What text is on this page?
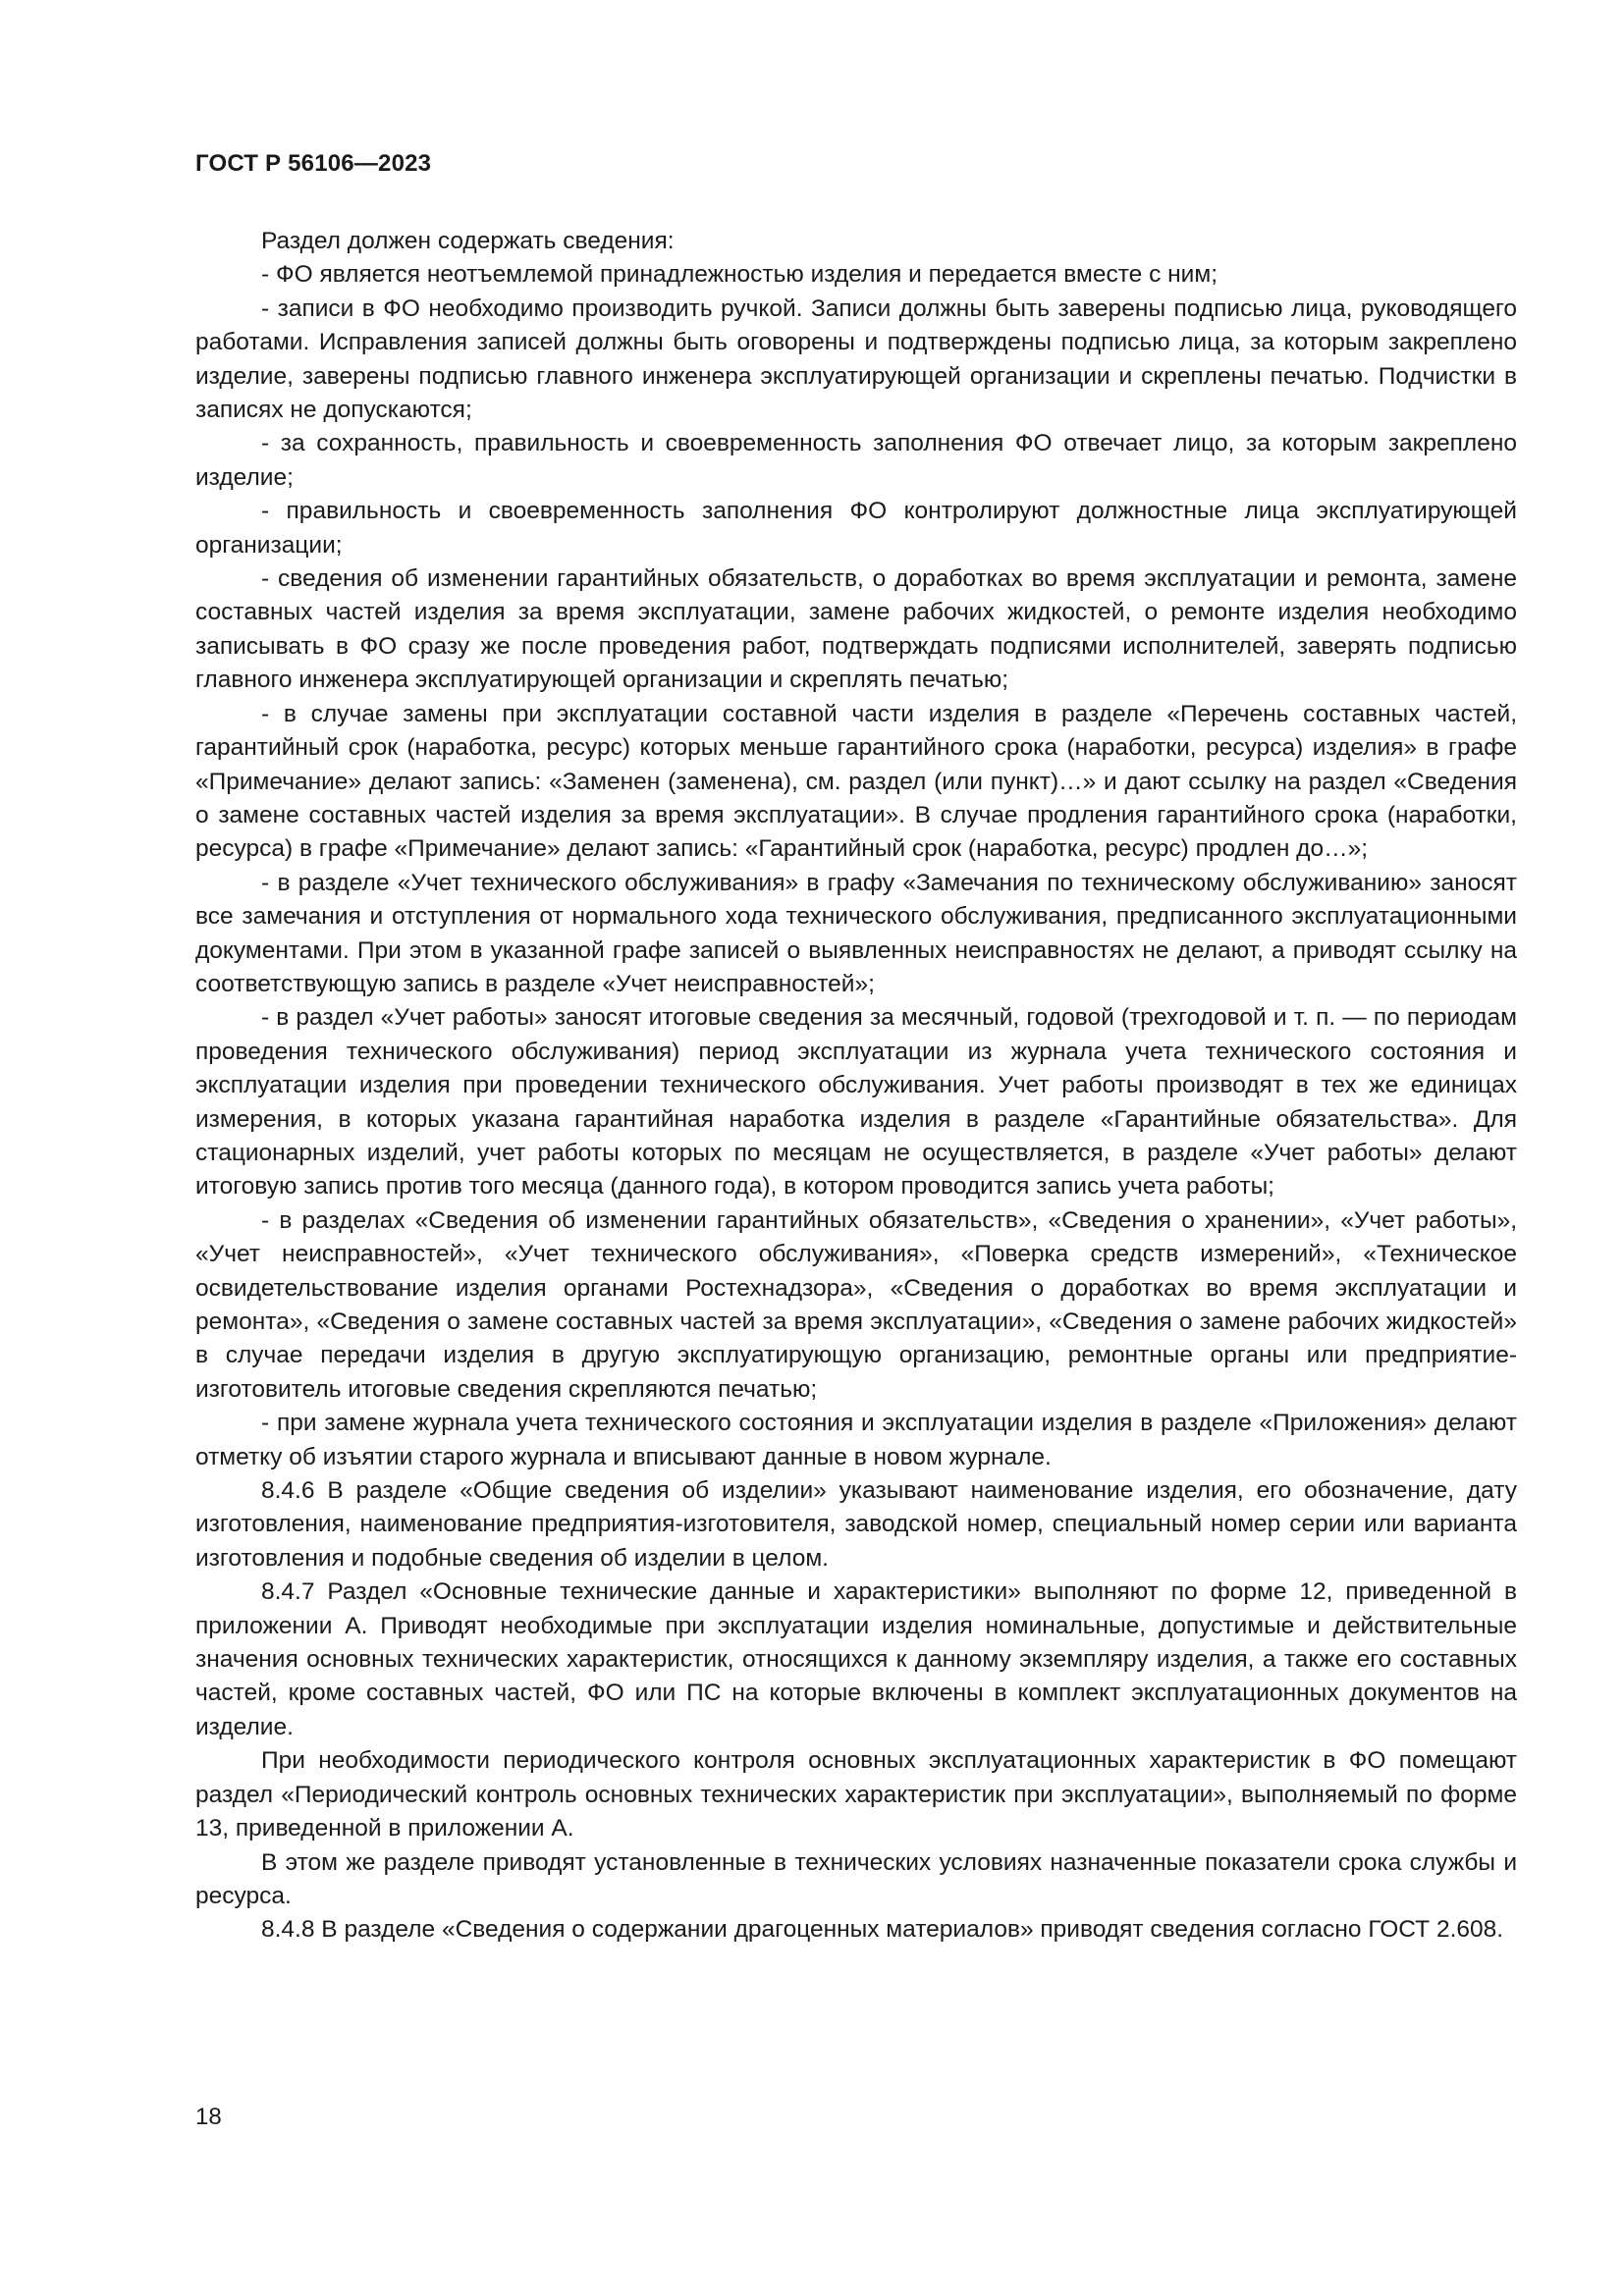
ГОСТ Р 56106—2023

Раздел должен содержать сведения:

- ФО является неотъемлемой принадлежностью изделия и передается вместе с ним;

- записи в ФО необходимо производить ручкой. Записи должны быть заверены подписью лица, руководящего работами. Исправления записей должны быть оговорены и подтверждены подписью лица, за которым закреплено изделие, заверены подписью главного инженера эксплуатирующей организации и скреплены печатью. Подчистки в записях не допускаются;

- за сохранность, правильность и своевременность заполнения ФО отвечает лицо, за которым закреплено изделие;

- правильность и своевременность заполнения ФО контролируют должностные лица эксплуатирующей организации;

- сведения об изменении гарантийных обязательств, о доработках во время эксплуатации и ремонта, замене составных частей изделия за время эксплуатации, замене рабочих жидкостей, о ремонте изделия необходимо записывать в ФО сразу же после проведения работ, подтверждать подписями исполнителей, заверять подписью главного инженера эксплуатирующей организации и скреплять печатью;

- в случае замены при эксплуатации составной части изделия в разделе «Перечень составных частей, гарантийный срок (наработка, ресурс) которых меньше гарантийного срока (наработки, ресурса) изделия» в графе «Примечание» делают запись: «Заменен (заменена), см. раздел (или пункт)…» и дают ссылку на раздел «Сведения о замене составных частей изделия за время эксплуатации». В случае продления гарантийного срока (наработки, ресурса) в графе «Примечание» делают запись: «Гарантийный срок (наработка, ресурс) продлен до…»;

- в разделе «Учет технического обслуживания» в графу «Замечания по техническому обслуживанию» заносят все замечания и отступления от нормального хода технического обслуживания, предписанного эксплуатационными документами. При этом в указанной графе записей о выявленных неисправностях не делают, а приводят ссылку на соответствующую запись в разделе «Учет неисправностей»;

- в раздел «Учет работы» заносят итоговые сведения за месячный, годовой (трехгодовой и т. п. — по периодам проведения технического обслуживания) период эксплуатации из журнала учета технического состояния и эксплуатации изделия при проведении технического обслуживания. Учет работы производят в тех же единицах измерения, в которых указана гарантийная наработка изделия в разделе «Гарантийные обязательства». Для стационарных изделий, учет работы которых по месяцам не осуществляется, в разделе «Учет работы» делают итоговую запись против того месяца (данного года), в котором проводится запись учета работы;

- в разделах «Сведения об изменении гарантийных обязательств», «Сведения о хранении», «Учет работы», «Учет неисправностей», «Учет технического обслуживания», «Поверка средств измерений», «Техническое освидетельствование изделия органами Ростехнадзора», «Сведения о доработках во время эксплуатации и ремонта», «Сведения о замене составных частей за время эксплуатации», «Сведения о замене рабочих жидкостей» в случае передачи изделия в другую эксплуатирующую организацию, ремонтные органы или предприятие-изготовитель итоговые сведения скрепляются печатью;

- при замене журнала учета технического состояния и эксплуатации изделия в разделе «Приложения» делают отметку об изъятии старого журнала и вписывают данные в новом журнале.

8.4.6 В разделе «Общие сведения об изделии» указывают наименование изделия, его обозначение, дату изготовления, наименование предприятия-изготовителя, заводской номер, специальный номер серии или варианта изготовления и подобные сведения об изделии в целом.

8.4.7 Раздел «Основные технические данные и характеристики» выполняют по форме 12, приведенной в приложении А. Приводят необходимые при эксплуатации изделия номинальные, допустимые и действительные значения основных технических характеристик, относящихся к данному экземпляру изделия, а также его составных частей, кроме составных частей, ФО или ПС на которые включены в комплект эксплуатационных документов на изделие.

При необходимости периодического контроля основных эксплуатационных характеристик в ФО помещают раздел «Периодический контроль основных технических характеристик при эксплуатации», выполняемый по форме 13, приведенной в приложении А.

В этом же разделе приводят установленные в технических условиях назначенные показатели срока службы и ресурса.

8.4.8 В разделе «Сведения о содержании драгоценных материалов» приводят сведения согласно ГОСТ 2.608.

18
